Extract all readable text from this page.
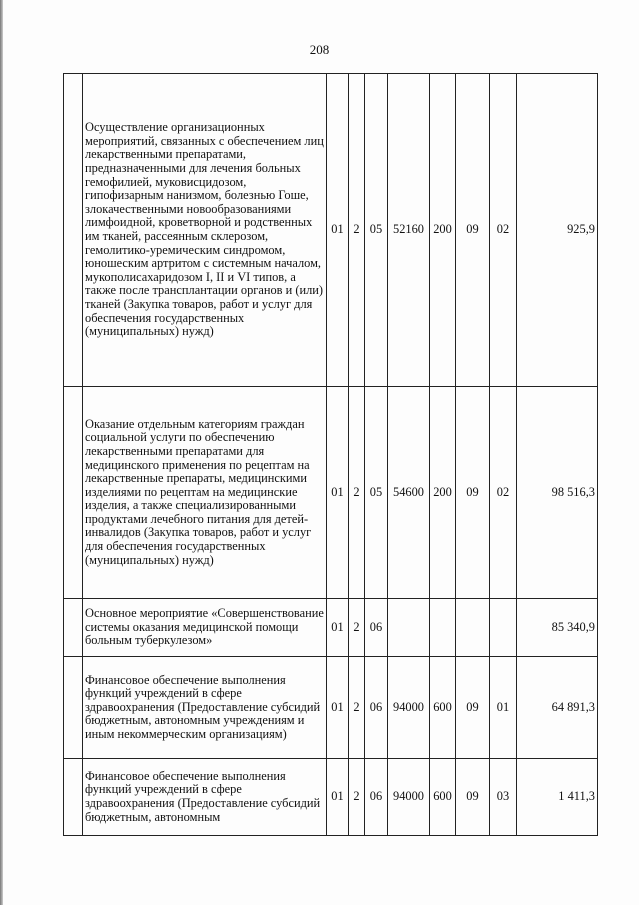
208
	Осуществление организационных мероприятий, связанных с обеспечением лиц лекарственными препаратами, предназначенными для лечения больных гемофилией, муковисцидозом, гипофизарным нанизмом, болезнью Гоше, злокачественными новообразованиями лимфоидной, кроветворной и родственных им тканей, рассеянным склерозом, гемолитико-уремическим синдромом, юношеским артритом с системным началом, мукополисахаридозом I, II и VI типов, а также после трансплантации органов и (или) тканей (Закупка товаров, работ и услуг для обеспечения государственных (муниципальных) нужд)	01	2	05	52160	200	09	02	925,9
	Оказание отдельным категориям граждан социальной услуги по обеспечению лекарственными препаратами для медицинского применения по рецептам на лекарственные препараты, медицинскими изделиями по рецептам на медицинские изделия, а также специализированными продуктами лечебного питания для детей-инвалидов (Закупка товаров, работ и услуг для обеспечения государственных (муниципальных) нужд)	01	2	05	54600	200	09	02	98 516,3
	Основное мероприятие «Совершенствование системы оказания медицинской помощи больным туберкулезом»	01	2	06					85 340,9
	Финансовое обеспечение выполнения функций учреждений в сфере здравоохранения (Предоставление субсидий бюджетным, автономным учреждениям и иным некоммерческим организациям)	01	2	06	94000	600	09	01	64 891,3
	Финансовое обеспечение выполнения функций учреждений в сфере здравоохранения (Предоставление субсидий бюджетным, автономным	01	2	06	94000	600	09	03	1 411,3
